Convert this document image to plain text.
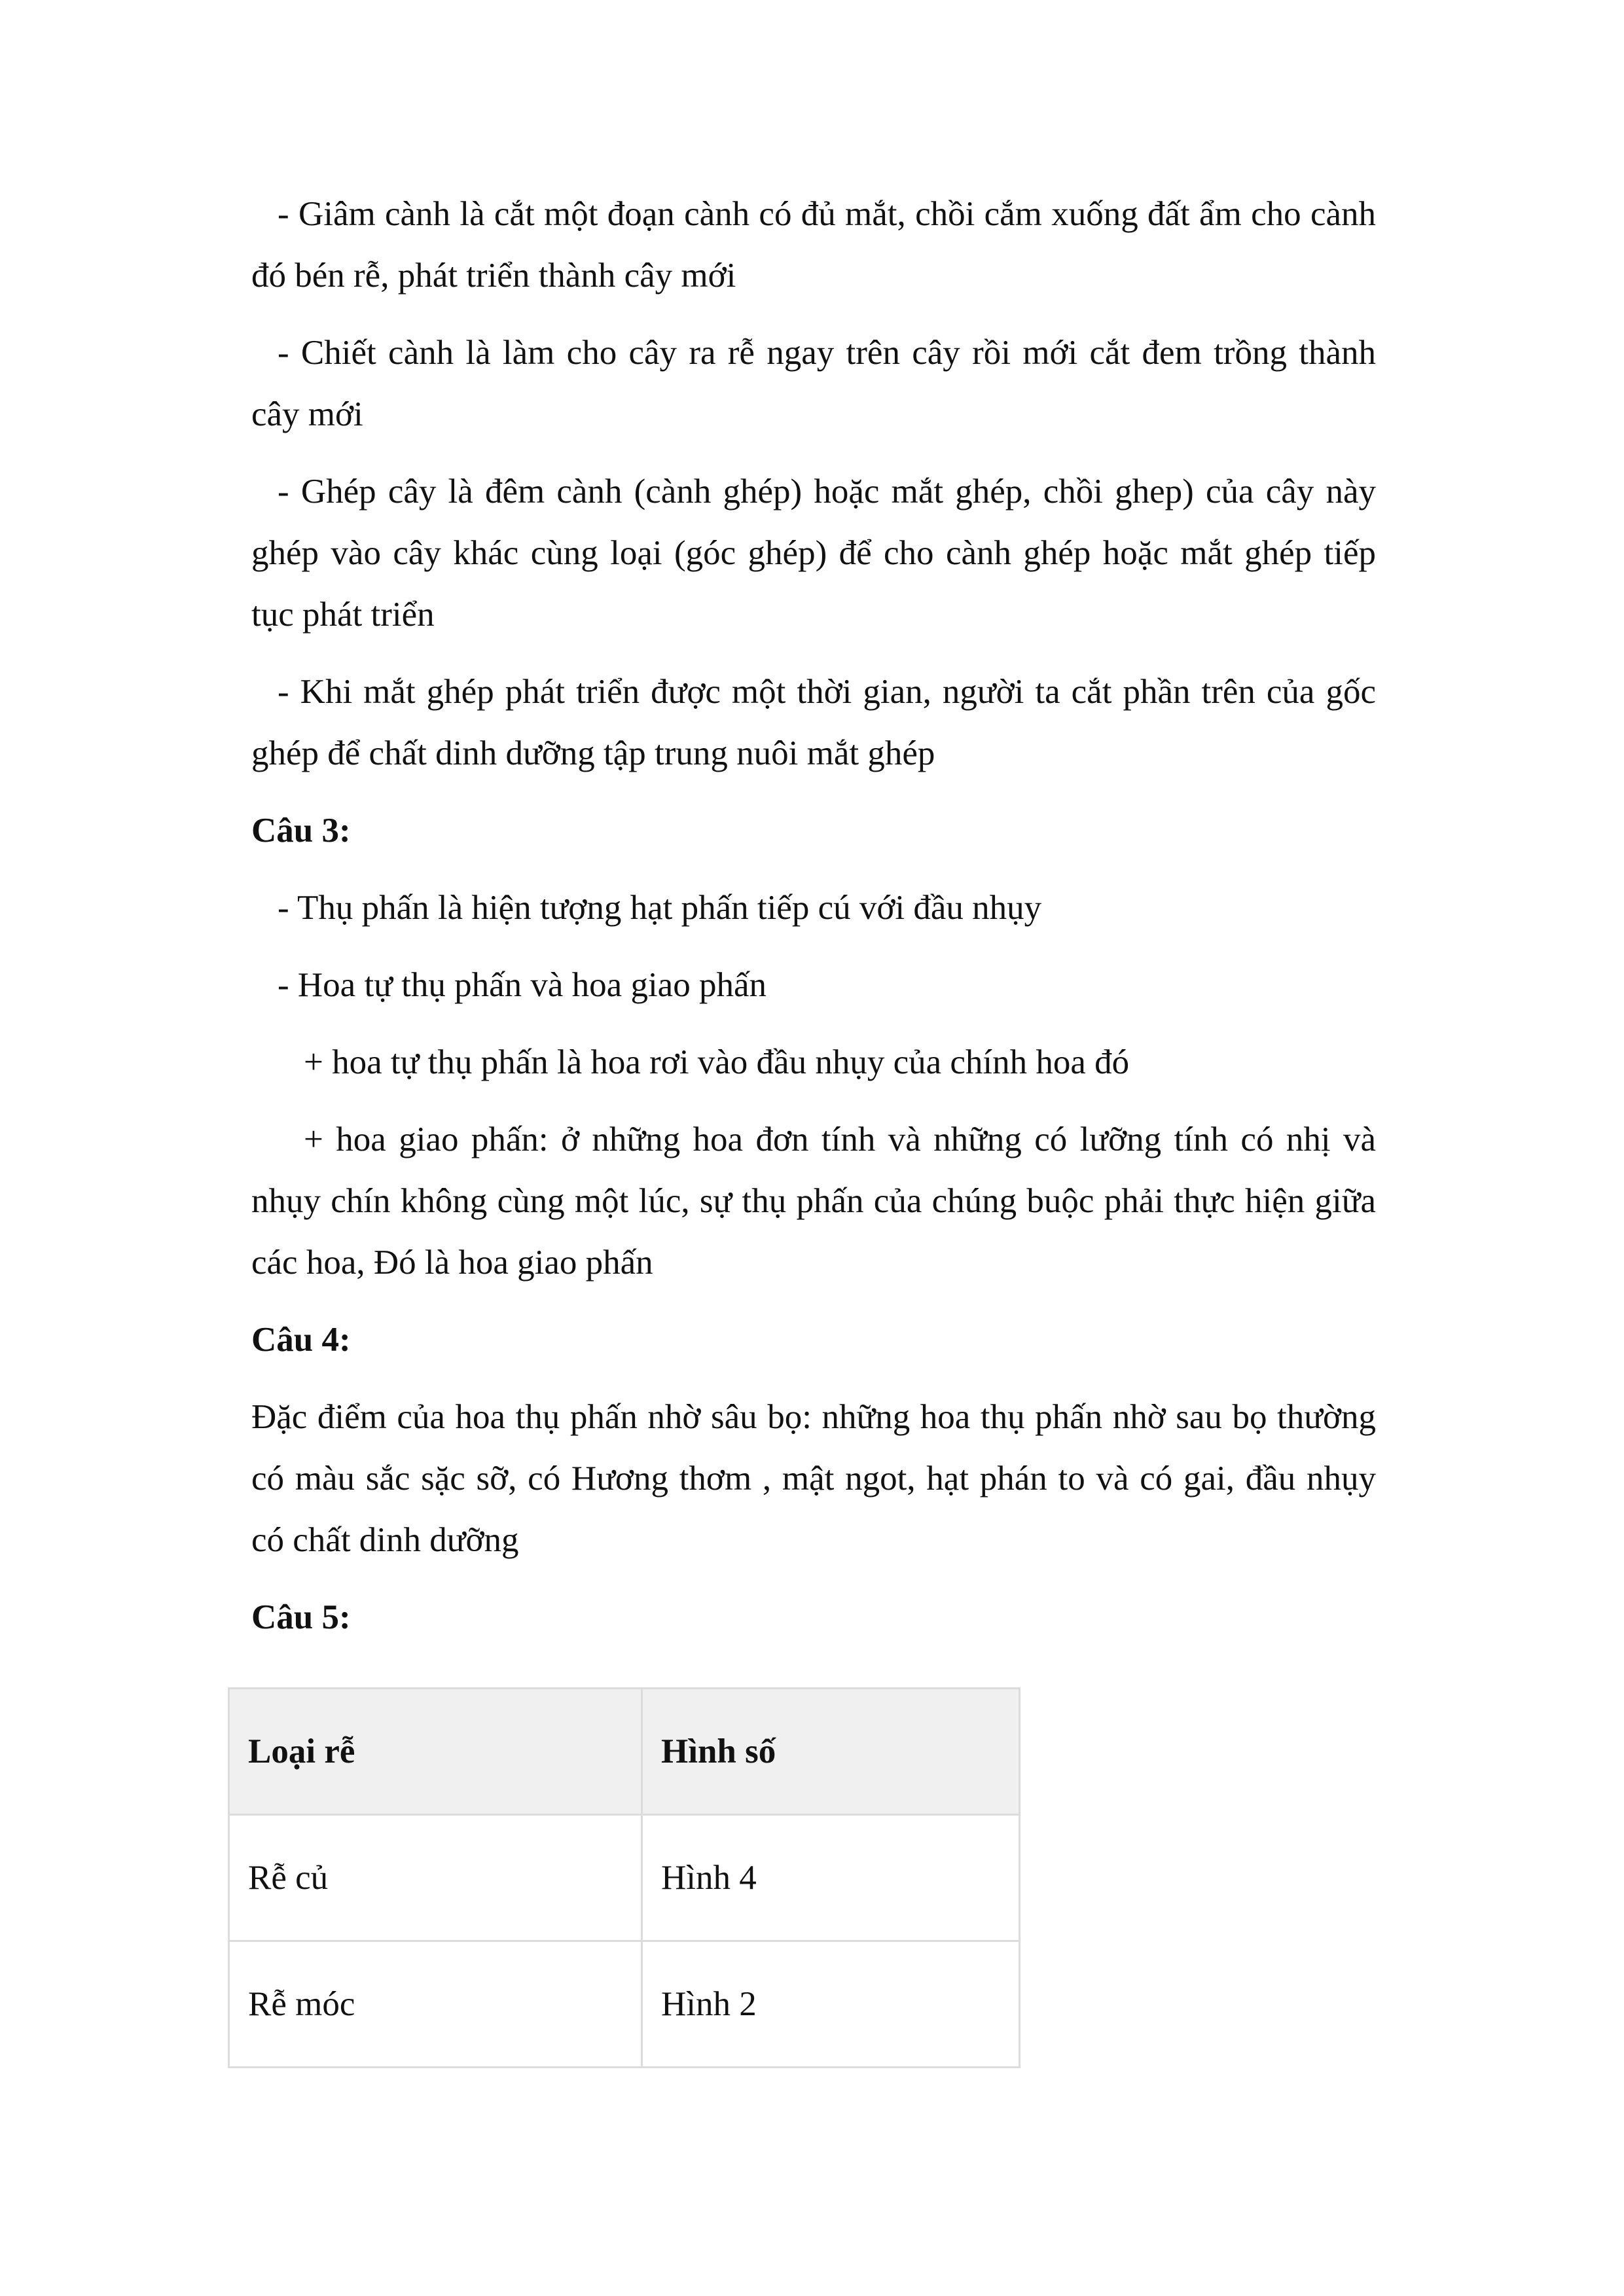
- Giâm cành là cắt một đoạn cành có đủ mắt, chồi cắm xuống đất ẩm cho cành đó bén rễ, phát triển thành cây mới

- Chiết cành là làm cho cây ra rễ ngay trên cây rồi mới cắt đem trồng thành cây mới

- Ghép cây là đêm cành (cành ghép) hoặc mắt ghép, chồi ghep) của cây này ghép vào cây khác cùng loại (góc ghép) để cho cành ghép hoặc mắt ghép tiếp tục phát triển

- Khi mắt ghép phát triển được một thời gian, người ta cắt phần trên của gốc ghép để chất dinh dưỡng tập trung nuôi mắt ghép

Câu 3:

- Thụ phấn là hiện tượng hạt phấn tiếp cú với đầu nhụy

- Hoa tự thụ phấn và hoa giao phấn

+ hoa tự thụ phấn là hoa rơi vào đầu nhụy của chính hoa đó

+ hoa giao phấn: ở những hoa đơn tính và những có lưỡng tính có nhị và nhụy chín không cùng một lúc, sự thụ phấn của chúng buộc phải thực hiện giữa các hoa, Đó là hoa giao phấn

Câu 4:

Đặc điểm của hoa thụ phấn nhờ sâu bọ: những hoa thụ phấn nhờ sau bọ thường có màu sắc sặc sỡ, có Hương thơm , mật ngot, hạt phán to và có gai, đầu nhụy có chất dinh dưỡng

Câu 5:

Loại rễ	Hình số
Rễ củ	Hình 4
Rễ móc	Hình 2
